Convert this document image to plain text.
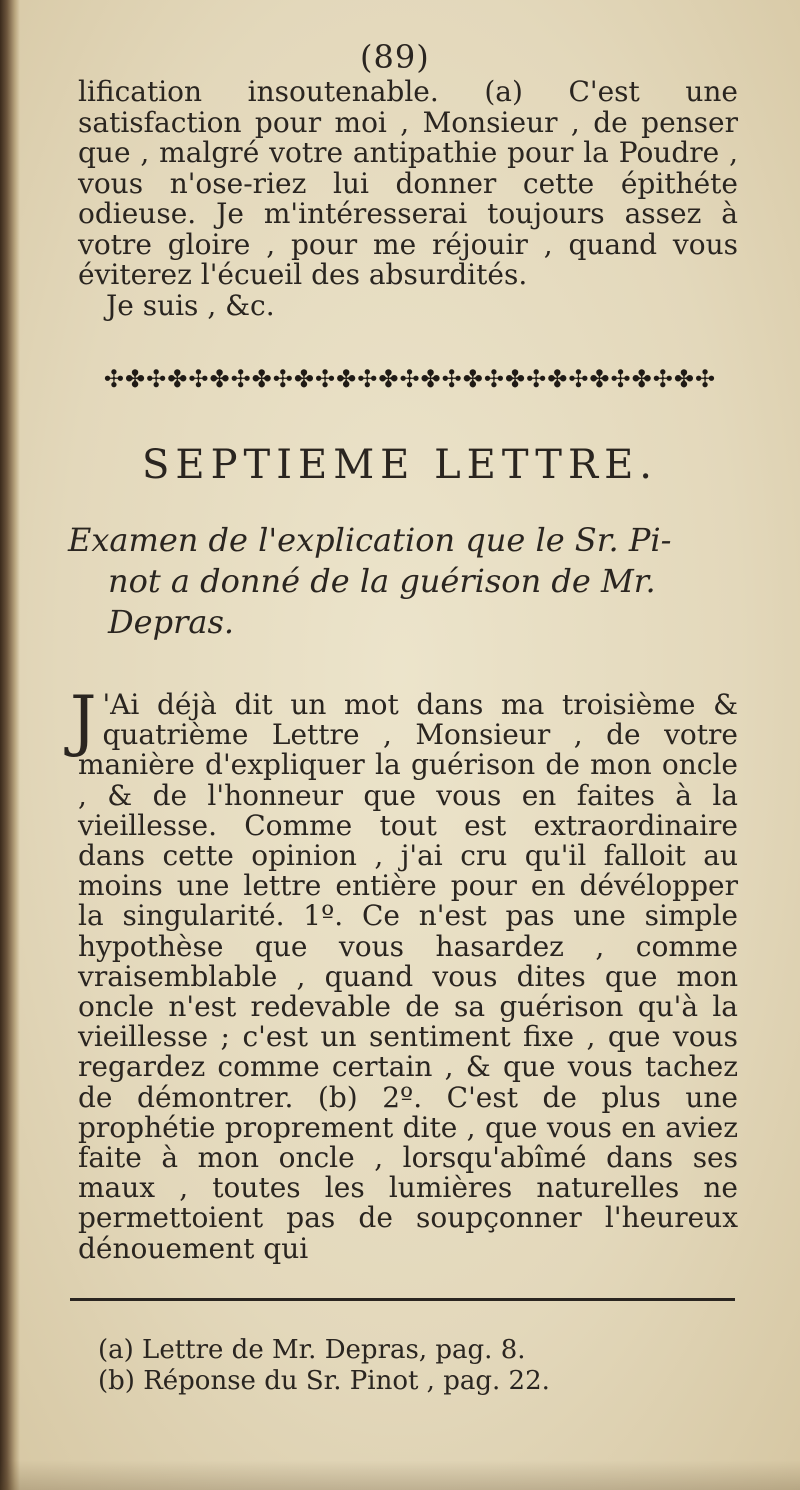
(89)

lification insoutenable. (a) C'est une satisfaction pour moi , Monsieur , de penser que , malgré votre antipathie pour la Poudre , vous n'ose-riez lui donner cette épithéte odieuse. Je m'intéresserai toujours assez à votre gloire , pour me réjouir , quand vous éviterez l'écueil des absurdités.

Je suis , &c.
✣✤✣✤✣✤✣✤✣✤✣✤✣✤✣✤✣✤✣✤✣✤✣✤✣✤✣✤✣
SEPTIEME LETTRE.
Examen de l'explication que le Sr. Pi-
not a donné de la guérison de Mr.
Depras.
J 'Ai déjà dit un mot dans ma troisième & quatrième Lettre , Monsieur , de votre manière d'expliquer la guérison de mon oncle , & de l'honneur que vous en faites à la vieillesse. Comme tout est extraordinaire dans cette opinion , j'ai cru qu'il falloit au moins une lettre entière pour en dévélopper la singularité. 1º. Ce n'est pas une simple hypothèse que vous hasardez , comme vraisemblable , quand vous dites que mon oncle n'est redevable de sa guérison qu'à la vieillesse ; c'est un sentiment fixe , que vous regardez comme certain , & que vous tachez de démontrer. (b) 2º. C'est de plus une prophétie proprement dite , que vous en aviez faite à mon oncle , lorsqu'abîmé dans ses maux , toutes les lumières naturelles ne permettoient pas de soupçonner l'heureux dénouement qui

(a) Lettre de Mr. Depras, pag. 8.
(b) Réponse du Sr. Pinot , pag. 22.
